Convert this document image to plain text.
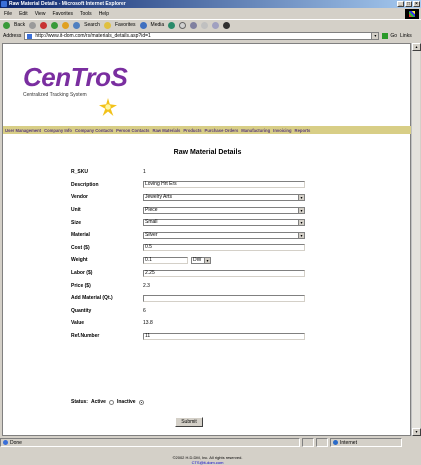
Raw Material Details - Microsoft Internet Explorer	_	□	×
File Edit View Favorites Tools Help
Back	Search	Favorites	Media
Address	http://www.it-dom.com/rs/materials_details.asp?id=1	▾	Go Links
CenTroS
Centralized Tracking System
User Management Company Info Company Contacts Person Contacts Raw Materials Products Purchase Orders Manufacturing Invoicing Reports
Raw Material Details
R_SKU	1
Description	Loving Hrt Ers
Vendor	Jewelry Arts	▾
Unit	Piece	▾
Size	Small	▾
Material	Silver	▾
Cost ($)	0.5
Weight	0.1	DW	▾
Labor ($)	2.25
Price ($)	2.3
Add Material (Qt.)
Quantity	6
Value	13.8
Ref.Number	11
Status: Active Inactive
Submit
©2002 H.D.DM, Inc. All rights reserved.
CTS@it-dom.com
▴
▾
Done	Internet
